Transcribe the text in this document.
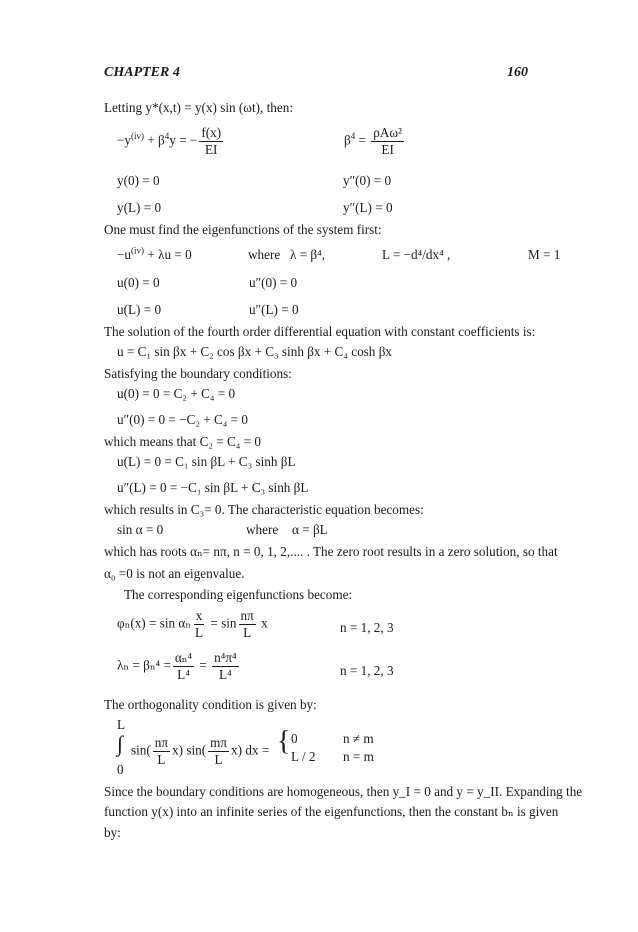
CHAPTER 4	160
Letting y*(x,t) = y(x) sin (ωt), then:
$-y^{(iv)} + \beta^4y$ = − $\frac{f(x)}{EI}$	$\beta^4 = \frac{\text{ρAω²}}{EI}$
y(0) = 0	y″(0) = 0
y(L) = 0	y″(L) = 0
One must find the eigenfunctions of the system first:
$-u^{(iv)} + \lambda u = 0$	where λ = β⁴,	L = −d⁴/dx⁴ ,	M = 1
u(0) = 0	u″(0) = 0
u(L) = 0	u″(L) = 0
The solution of the fourth order differential equation with constant coefficients is:
u = C₁ sin βx + C₂ cos βx + C₃ sinh βx + C₄ cosh βx
Satisfying the boundary conditions:
u(0) = 0 = C₂ + C₄ = 0
u″(0) = 0 = −C₂ + C₄ = 0
which means that C₂ = C₄ = 0
u(L) = 0 = C₁ sin βL + C₃ sinh βL
u″(L) = 0 = −C₁ sin βL + C₃ sinh βL
which results in C₃= 0. The characteristic equation becomes:
sin α = 0	where α = βL
which has roots αₙ= nπ, n = 0, 1, 2,.... . The zero root results in a zero solution, so that
α₀ =0 is not an eigenvalue.
The corresponding eigenfunctions become:
φₙ(x) = sin αₙ $\frac{x}{L} = \sin \frac{n\pi}{L}$ x	n = 1, 2, 3
$\lambda_n = \beta_n^4 = \frac{\text{αₙ⁴}}{\text{L⁴}} = \frac{\text{n⁴π⁴}}{\text{L⁴}}$	n = 1, 2, 3
The orthogonality condition is given by:
L
∫
0
$\sin( \frac{n\pi}{L} x)$ $\sin( \frac{m\pi}{L} x)$ dx = { 0	n ≠ m
L / 2 n = m
Since the boundary conditions are homogeneous, then y_I = 0 and y = y_II. Expanding the
function y(x) into an infinite series of the eigenfunctions, then the constant bₙ is given
by:
